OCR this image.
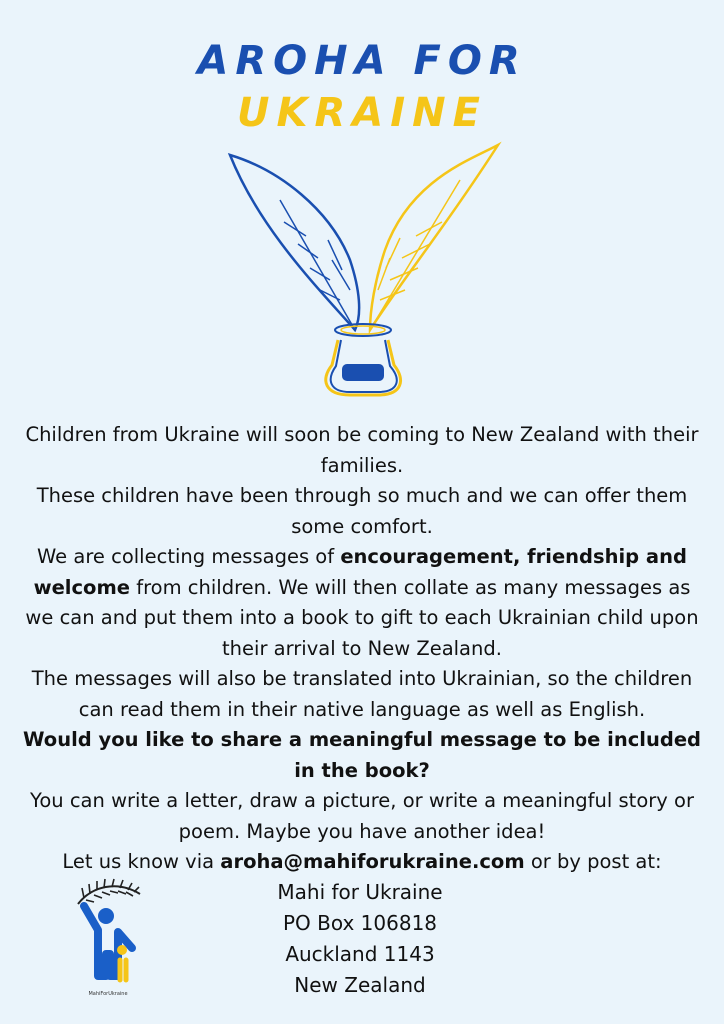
AROHA FOR
UKRAINE

Children from Ukraine will soon be coming to New Zealand with their families.

These children have been through so much and we can offer them some comfort.

We are collecting messages of encouragement, friendship and welcome from children. We will then collate as many messages as we can and put them into a book to gift to each Ukrainian child upon their arrival to New Zealand.

The messages will also be translated into Ukrainian, so the children can read them in their native language as well as English.

Would you like to share a meaningful message to be included in the book?

You can write a letter, draw a picture, or write a meaningful story or poem. Maybe you have another idea!

Let us know via aroha@mahiforukraine.com or by post at:

MahiForUkraine
Mahi for Ukraine
PO Box 106818
Auckland 1143
New Zealand
